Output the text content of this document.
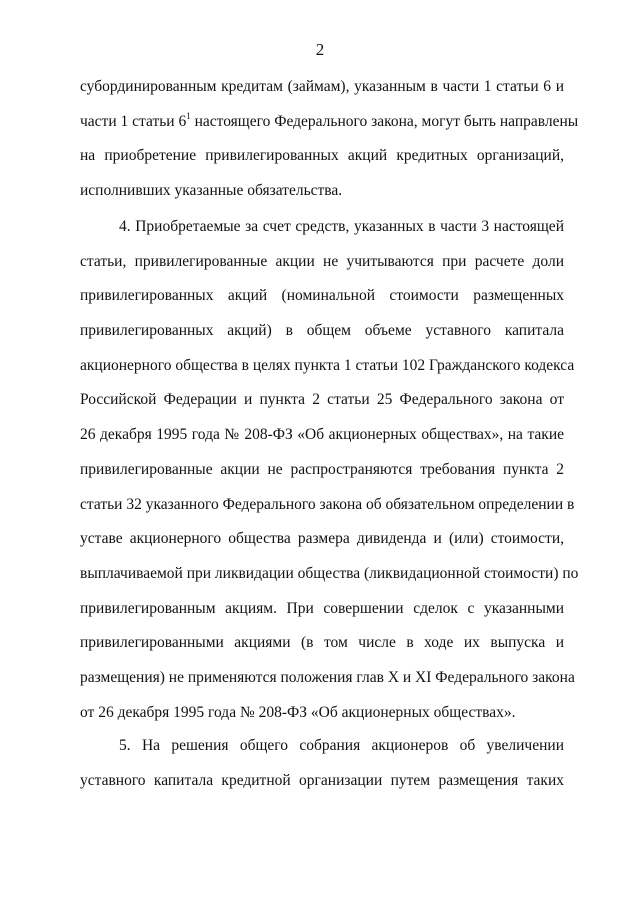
2
субординированным кредитам (займам), указанным в части 1 статьи 6 и
части 1 статьи $6^1$ настоящего Федерального закона, могут быть направлены
на приобретение привилегированных акций кредитных организаций,
исполнивших указанные обязательства.
4. Приобретаемые за счет средств, указанных в части 3 настоящей
статьи, привилегированные акции не учитываются при расчете доли
привилегированных акций (номинальной стоимости размещенных
привилегированных акций) в общем объеме уставного капитала
акционерного общества в целях пункта 1 статьи 102 Гражданского кодекса
Российской Федерации и пункта 2 статьи 25 Федерального закона от
26 декабря 1995 года № 208-ФЗ «Об акционерных обществах», на такие
привилегированные акции не распространяются требования пункта 2
статьи 32 указанного Федерального закона об обязательном определении в
уставе акционерного общества размера дивиденда и (или) стоимости,
выплачиваемой при ликвидации общества (ликвидационной стоимости) по
привилегированным акциям. При совершении сделок с указанными
привилегированными акциями (в том числе в ходе их выпуска и
размещения) не применяются положения глав X и XI Федерального закона
от 26 декабря 1995 года № 208-ФЗ «Об акционерных обществах».
5. На решения общего собрания акционеров об увеличении
уставного капитала кредитной организации путем размещения таких
